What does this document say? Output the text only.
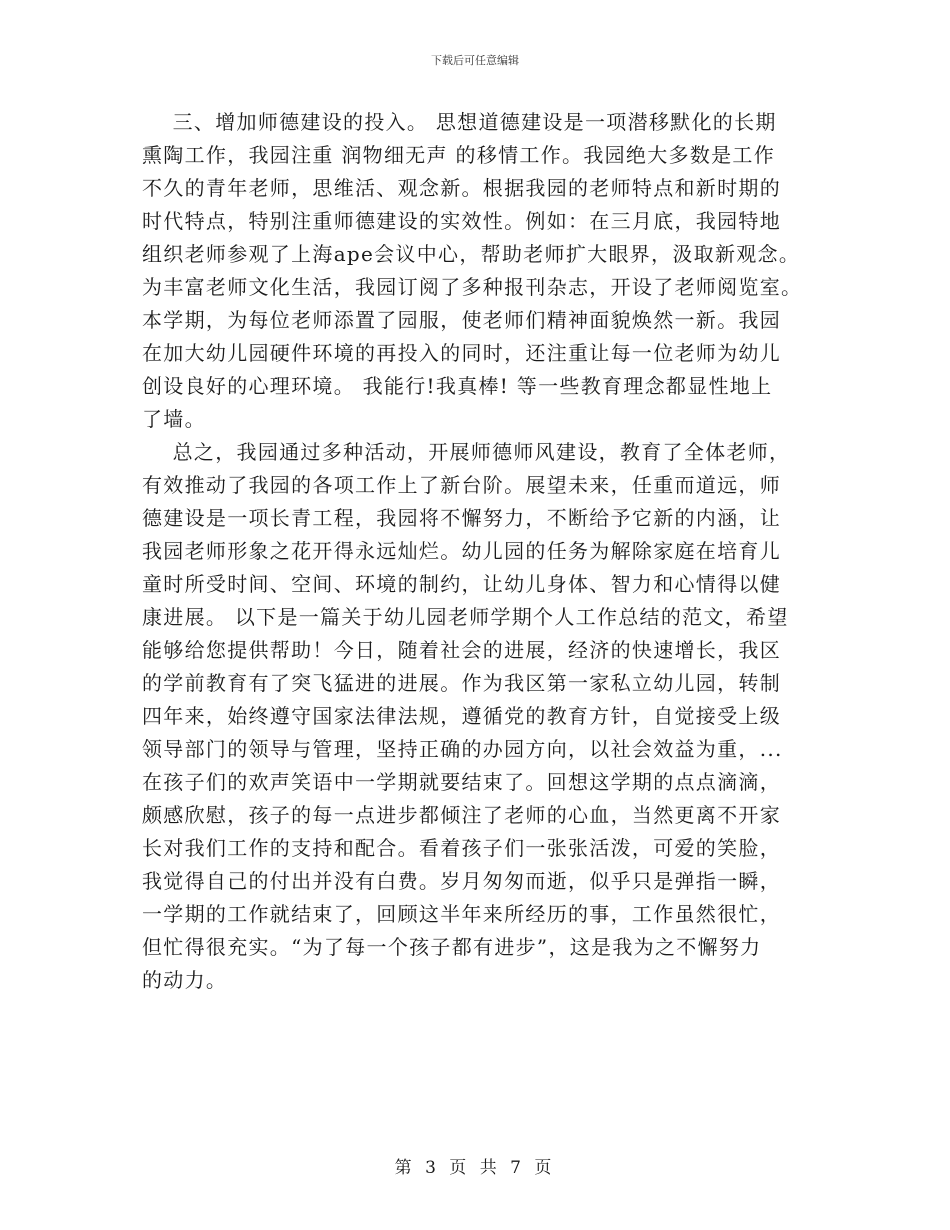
下载后可任意编辑
三、增加师德建设的投入。 思想道德建设是一项潜移默化的长期
熏陶工作，我园注重 润物细无声 的移情工作。我园绝大多数是工作
不久的青年老师，思维活、观念新。根据我园的老师特点和新时期的
时代特点，特别注重师德建设的实效性。例如：在三月底，我园特地
组织老师参观了上海ape会议中心，帮助老师扩大眼界，汲取新观念。
为丰富老师文化生活，我园订阅了多种报刊杂志，开设了老师阅览室。
本学期，为每位老师添置了园服，使老师们精神面貌焕然一新。我园
在加大幼儿园硬件环境的再投入的同时，还注重让每一位老师为幼儿
创设良好的心理环境。 我能行!我真棒! 等一些教育理念都显性地上
了墙。
总之，我园通过多种活动，开展师德师风建设，教育了全体老师，
有效推动了我园的各项工作上了新台阶。展望未来，任重而道远，师
德建设是一项长青工程，我园将不懈努力，不断给予它新的内涵，让
我园老师形象之花开得永远灿烂。幼儿园的任务为解除家庭在培育儿
童时所受时间、空间、环境的制约，让幼儿身体、智力和心情得以健
康进展。 以下是一篇关于幼儿园老师学期个人工作总结的范文，希望
能够给您提供帮助！今日，随着社会的进展，经济的快速增长，我区
的学前教育有了突飞猛进的进展。作为我区第一家私立幼儿园，转制
四年来，始终遵守国家法律法规，遵循党的教育方针，自觉接受上级
领导部门的领导与管理，坚持正确的办园方向，以社会效益为重，...
在孩子们的欢声笑语中一学期就要结束了。回想这学期的点点滴滴，
颇感欣慰，孩子的每一点进步都倾注了老师的心血，当然更离不开家
长对我们工作的支持和配合。看着孩子们一张张活泼，可爱的笑脸，
我觉得自己的付出并没有白费。岁月匆匆而逝，似乎只是弹指一瞬，
一学期的工作就结束了，回顾这半年来所经历的事，工作虽然很忙，
但忙得很充实。“为了每一个孩子都有进步”，这是我为之不懈努力
的动力。
第 3 页 共 7 页
